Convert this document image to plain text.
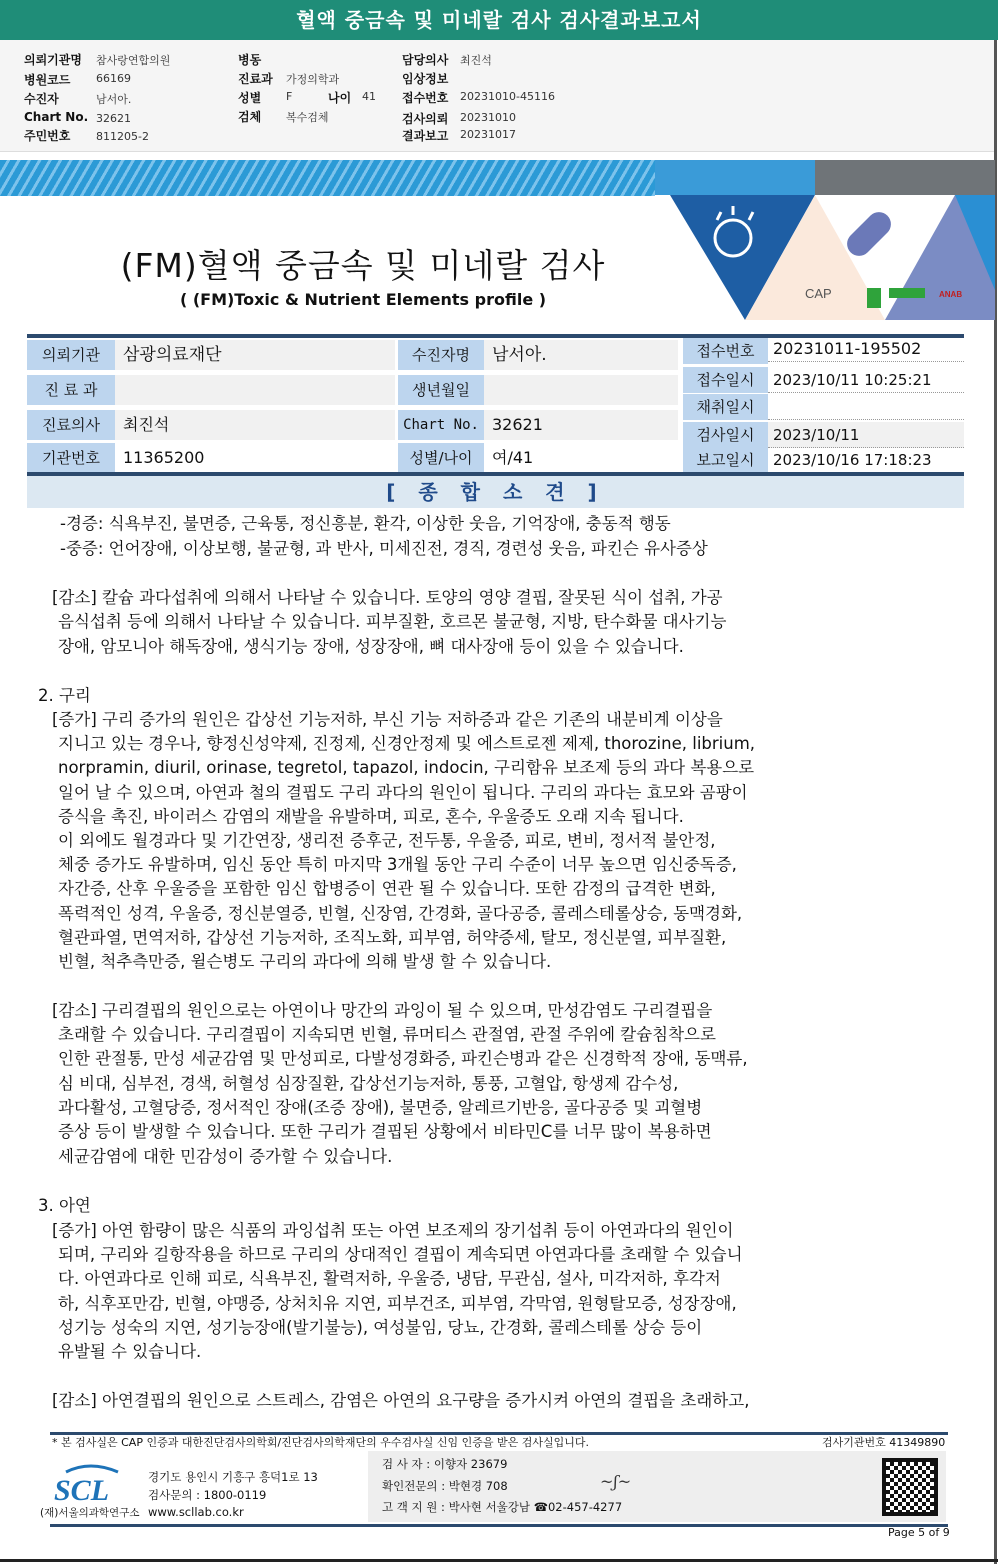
혈액 중금속 및 미네랄 검사 검사결과보고서
의뢰기관명 참사랑연합의원
병원코드 66169
수진자	남서아.
Chart No. 32621
주민번호 811205-2
병동
진료과 가정의학과
성별 F	나이 41
검체 복수검체
담당의사 최진석
임상정보
접수번호 20231010-45116
검사의뢰 20231010
결과보고 20231017
CAP	ANAB
(FM)혈액 중금속 및 미네랄 검사
( (FM)Toxic & Nutrient Elements profile )
의뢰기관	삼광의료재단
진 료 과
진료의사	최진석
기관번호	11365200
수진자명	남서아.
생년월일
Chart No. 32621
성별/나이	여/41
접수번호	20231011-195502
접수일시	2023/10/11 10:25:21
채취일시
검사일시	2023/10/11
보고일시	2023/10/16 17:18:23
[ 종 합 소 견 ]
-경증: 식욕부진, 불면증, 근육통, 정신흥분, 환각, 이상한 웃음, 기억장애, 충동적 행동
-중증: 언어장애, 이상보행, 불균형, 과 반사, 미세진전, 경직, 경련성 웃음, 파킨슨 유사증상
[감소] 칼슘 과다섭취에 의해서 나타날 수 있습니다. 토양의 영양 결핍, 잘못된 식이 섭취, 가공
음식섭취 등에 의해서 나타날 수 있습니다. 피부질환, 호르몬 불균형, 지방, 탄수화물 대사기능
장애, 암모니아 해독장애, 생식기능 장애, 성장장애, 뼈 대사장애 등이 있을 수 있습니다.
2. 구리
[증가] 구리 증가의 원인은 갑상선 기능저하, 부신 기능 저하증과 같은 기존의 내분비계 이상을
지니고 있는 경우나, 향정신성약제, 진정제, 신경안정제 및 에스트로젠 제제, thorozine, librium,
norpramin, diuril, orinase, tegretol, tapazol, indocin, 구리함유 보조제 등의 과다 복용으로
일어 날 수 있으며, 아연과 철의 결핍도 구리 과다의 원인이 됩니다. 구리의 과다는 효모와 곰팡이
증식을 촉진, 바이러스 감염의 재발을 유발하며, 피로, 혼수, 우울증도 오래 지속 됩니다.
이 외에도 월경과다 및 기간연장, 생리전 증후군, 전두통, 우울증, 피로, 변비, 정서적 불안정,
체중 증가도 유발하며, 임신 동안 특히 마지막 3개월 동안 구리 수준이 너무 높으면 임신중독증,
자간증, 산후 우울증을 포함한 임신 합병증이 연관 될 수 있습니다. 또한 감정의 급격한 변화,
폭력적인 성격, 우울증, 정신분열증, 빈혈, 신장염, 간경화, 골다공증, 콜레스테롤상승, 동맥경화,
혈관파열, 면역저하, 갑상선 기능저하, 조직노화, 피부염, 허약증세, 탈모, 정신분열, 피부질환,
빈혈, 척추측만증, 윌슨병도 구리의 과다에 의해 발생 할 수 있습니다.
[감소] 구리결핍의 원인으로는 아연이나 망간의 과잉이 될 수 있으며, 만성감염도 구리결핍을
초래할 수 있습니다. 구리결핍이 지속되면 빈혈, 류머티스 관절염, 관절 주위에 칼슘침착으로
인한 관절통, 만성 세균감염 및 만성피로, 다발성경화증, 파킨슨병과 같은 신경학적 장애, 동맥류,
심 비대, 심부전, 경색, 허혈성 심장질환, 갑상선기능저하, 통풍, 고혈압, 항생제 감수성,
과다활성, 고혈당증, 정서적인 장애(조증 장애), 불면증, 알레르기반응, 골다공증 및 괴혈병
증상 등이 발생할 수 있습니다. 또한 구리가 결핍된 상황에서 비타민C를 너무 많이 복용하면
세균감염에 대한 민감성이 증가할 수 있습니다.
3. 아연
[증가] 아연 함량이 많은 식품의 과잉섭취 또는 아연 보조제의 장기섭취 등이 아연과다의 원인이
되며, 구리와 길항작용을 하므로 구리의 상대적인 결핍이 계속되면 아연과다를 초래할 수 있습니
다. 아연과다로 인해 피로, 식욕부진, 활력저하, 우울증, 냉담, 무관심, 설사, 미각저하, 후각저
하, 식후포만감, 빈혈, 야맹증, 상처치유 지연, 피부건조, 피부염, 각막염, 원형탈모증, 성장장애,
성기능 성숙의 지연, 성기능장애(발기불능), 여성불임, 당뇨, 간경화, 콜레스테롤 상승 등이
유발될 수 있습니다.
[감소] 아연결핍의 원인으로 스트레스, 감염은 아연의 요구량을 증가시켜 아연의 결핍을 초래하고,
* 본 검사실은 CAP 인증과 대한진단검사의학회/진단검사의학재단의 우수검사실 신임 인증을 받은 검사실입니다.	검사기관번호 41349890
SCL
(재)서울의과학연구소
경기도 용인시 기흥구 흥덕1로 13
검사문의 : 1800-0119
www.scllab.co.kr
검 사 자 : 이향자 23679
확인전문의 : 박현경 708	~ʃ~
고 객 지 원 : 박사현 서울강남 ☎02-457-4277
Page 5 of 9
